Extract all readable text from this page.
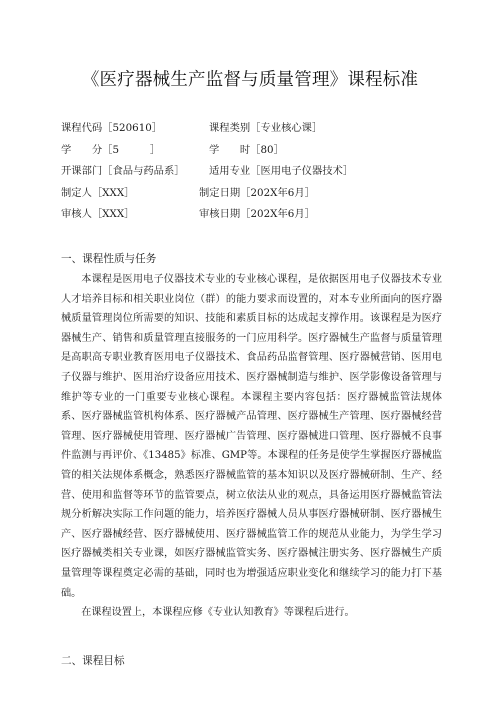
《医疗器械生产监督与质量管理》课程标准
课程代码［520610］	课程类别［专业核心课］
学　　分［5　　　］	学　　时［80］
开课部门［食品与药品系］ 适用专业［医用电子仪器技术］
制定人［XXX］	制定日期［202X年6月］
审核人［XXX］	审核日期［202X年6月］
一、课程性质与任务

本课程是医用电子仪器技术专业的专业核心课程，是依据医用电子仪器技术专业人才培养目标和相关职业岗位（群）的能力要求而设置的，对本专业所面向的医疗器械质量管理岗位所需要的知识、技能和素质目标的达成起支撑作用。该课程是为医疗器械生产、销售和质量管理直接服务的一门应用科学。医疗器械生产监督与质量管理是高职高专职业教育医用电子仪器技术、食品药品监督管理、医疗器械营销、医用电子仪器与维护、医用治疗设备应用技术、医疗器械制造与维护、医学影像设备管理与维护等专业的一门重要专业核心课程。本课程主要内容包括：医疗器械监管法规体系、医疗器械监管机构体系、医疗器械产品管理、医疗器械生产管理、医疗器械经营管理、医疗器械使用管理、医疗器械广告管理、医疗器械进口管理、医疗器械不良事件监测与再评价、《13485》标准、GMP等。本课程的任务是使学生掌握医疗器械监管的相关法规体系概念，熟悉医疗器械监管的基本知识以及医疗器械研制、生产、经营、使用和监督等环节的监管要点，树立依法从业的观点，具备运用医疗器械监管法规分析解决实际工作问题的能力，培养医疗器械人员从事医疗器械研制、医疗器械生产、医疗器械经营、医疗器械使用、医疗器械监管工作的规范从业能力，为学生学习医疗器械类相关专业课，如医疗器械监管实务、医疗器械注册实务、医疗器械生产质量管理等课程奠定必需的基础，同时也为增强适应职业变化和继续学习的能力打下基础。

在课程设置上，本课程应修《专业认知教育》等课程后进行。

二、课程目标
